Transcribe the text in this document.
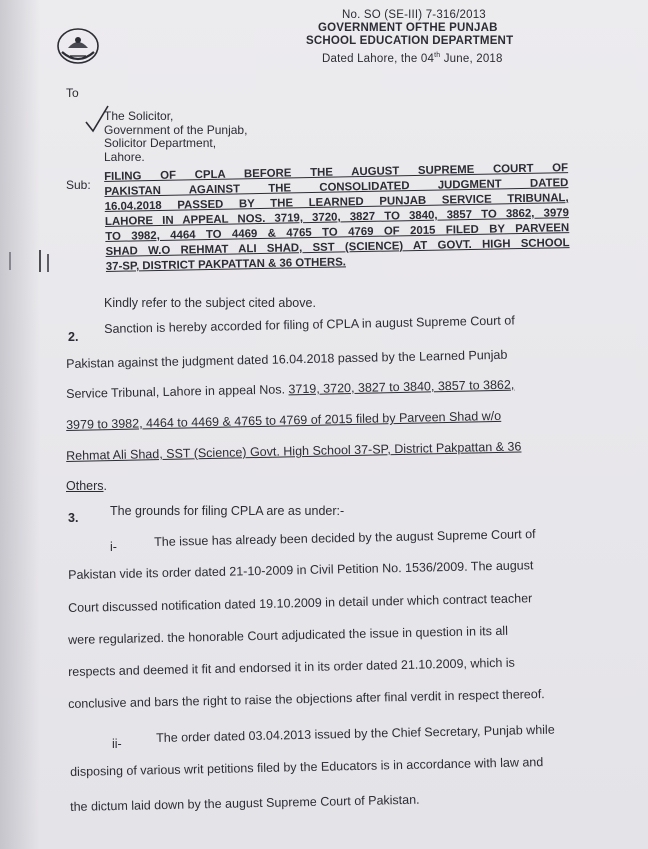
No. SO (SE-III) 7-316/2013
GOVERNMENT OFTHE PUNJAB
SCHOOL EDUCATION DEPARTMENT
Dated Lahore, the 04th June, 2018
To
The Solicitor,
Government of the Punjab,
Solicitor Department,
Lahore.
Sub:
FILING OF CPLA BEFORE THE AUGUST SUPREME COURT OF
PAKISTAN AGAINST THE CONSOLIDATED JUDGMENT DATED
16.04.2018 PASSED BY THE LEARNED PUNJAB SERVICE TRIBUNAL,
LAHORE IN APPEAL NOS. 3719, 3720, 3827 TO 3840, 3857 TO 3862, 3979
TO 3982, 4464 TO 4469 & 4765 TO 4769 OF 2015 FILED BY PARVEEN
SHAD W.O REHMAT ALI SHAD, SST (SCIENCE) AT GOVT. HIGH SCHOOL
37-SP, DISTRICT PAKPATTAN & 36 OTHERS.
Kindly refer to the subject cited above.
2.
Sanction is hereby accorded for filing of CPLA in august Supreme Court of
Pakistan against the judgment dated 16.04.2018 passed by the Learned Punjab
Service Tribunal, Lahore in appeal Nos. 3719, 3720, 3827 to 3840, 3857 to 3862,
3979 to 3982, 4464 to 4469 & 4765 to 4769 of 2015 filed by Parveen Shad w/o
Rehmat Ali Shad, SST (Science) Govt. High School 37-SP, District Pakpattan & 36
Others.
3.	The grounds for filing CPLA are as under:-
i-	The issue has already been decided by the august Supreme Court of
Pakistan vide its order dated 21-10-2009 in Civil Petition No. 1536/2009. The august
Court discussed notification dated 19.10.2009 in detail under which contract teacher
were regularized. the honorable Court adjudicated the issue in question in its all
respects and deemed it fit and endorsed it in its order dated 21.10.2009, which is
conclusive and bars the right to raise the objections after final verdit in respect thereof.
ii-	The order dated 03.04.2013 issued by the Chief Secretary, Punjab while
disposing of various writ petitions filed by the Educators is in accordance with law and
the dictum laid down by the august Supreme Court of Pakistan.
